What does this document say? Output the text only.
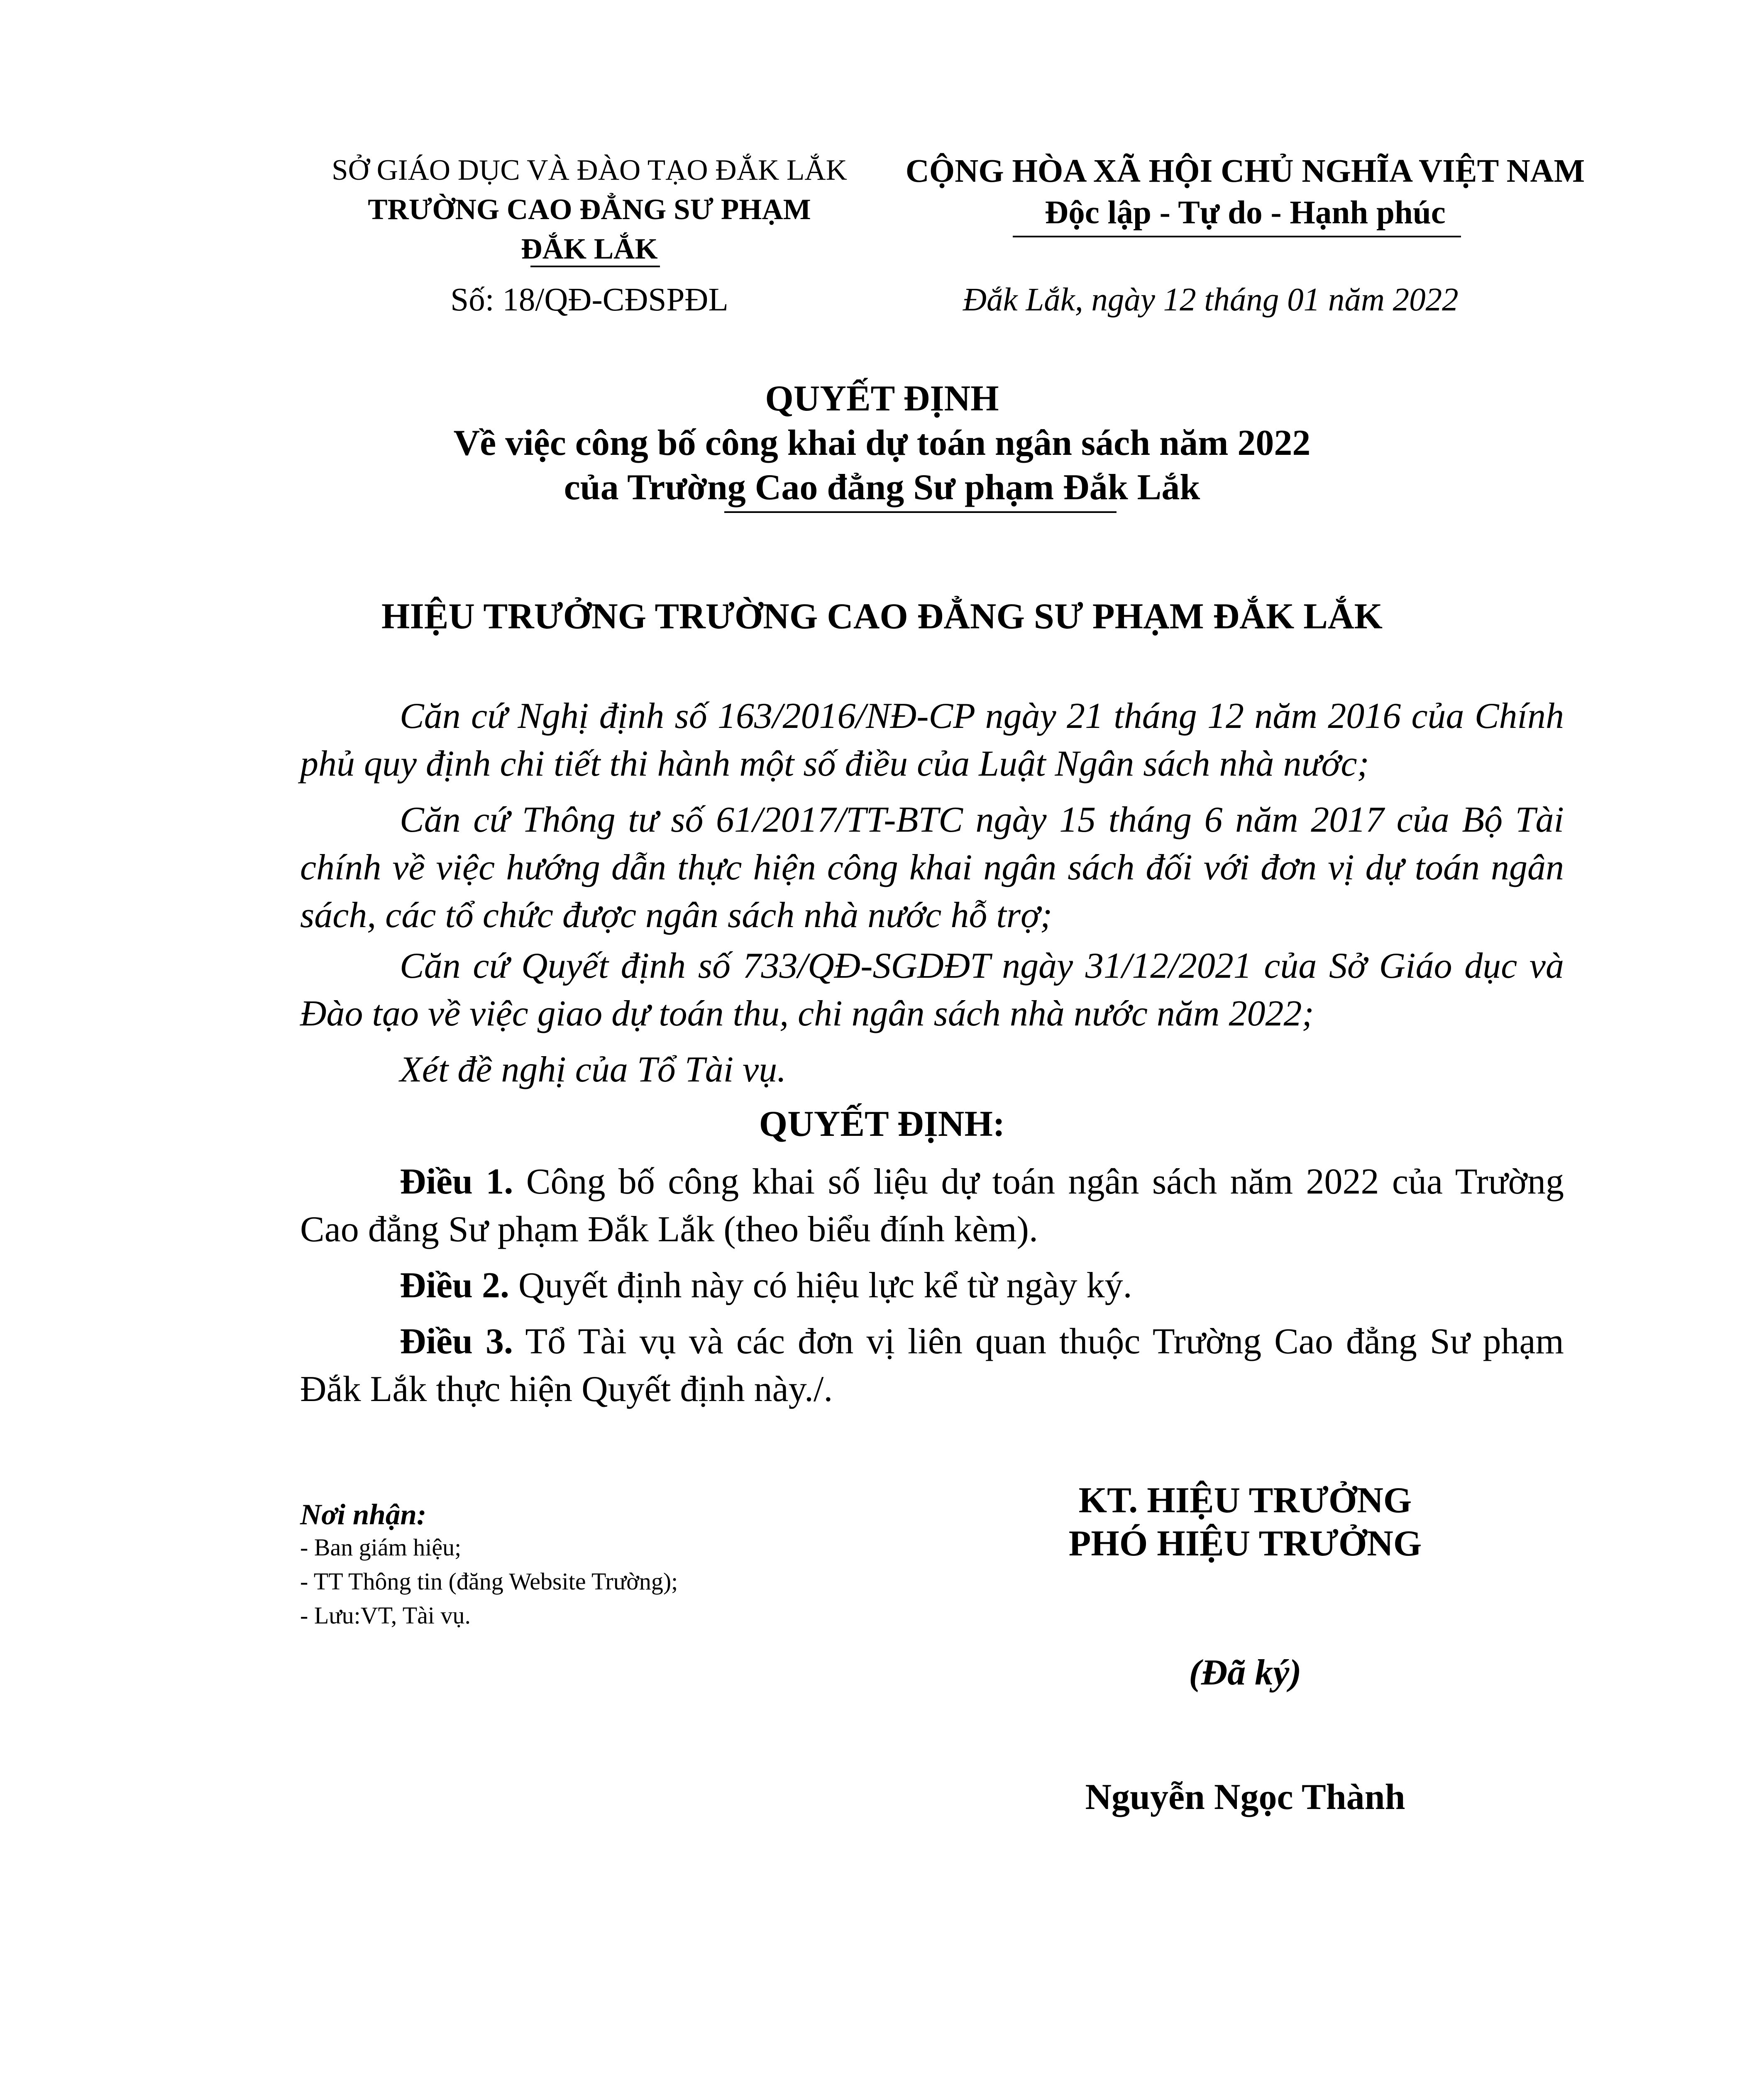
SỞ GIÁO DỤC VÀ ĐÀO TẠO ĐẮK LẮK
TRƯỜNG CAO ĐẲNG SƯ PHẠM
ĐẮK LẮK
CỘNG HÒA XÃ HỘI CHỦ NGHĨA VIỆT NAM
Độc lập - Tự do - Hạnh phúc
Số: 18/QĐ-CĐSPĐL	Đắk Lắk, ngày 12 tháng 01 năm 2022
QUYẾT ĐỊNH
Về việc công bố công khai dự toán ngân sách năm 2022
của Trường Cao đẳng Sư phạm Đắk Lắk
HIỆU TRƯỞNG TRƯỜNG CAO ĐẲNG SƯ PHẠM ĐẮK LẮK
Căn cứ Nghị định số 163/2016/NĐ-CP ngày 21 tháng 12 năm 2016 của Chính phủ quy định chi tiết thi hành một số điều của Luật Ngân sách nhà nước;
Căn cứ Thông tư số 61/2017/TT-BTC ngày 15 tháng 6 năm 2017 của Bộ Tài chính về việc hướng dẫn thực hiện công khai ngân sách đối với đơn vị dự toán ngân sách, các tổ chức được ngân sách nhà nước hỗ trợ;
Căn cứ Quyết định số 733/QĐ-SGDĐT ngày 31/12/2021 của Sở Giáo dục và Đào tạo về việc giao dự toán thu, chi ngân sách nhà nước năm 2022;
Xét đề nghị của Tổ Tài vụ.
QUYẾT ĐỊNH:
Điều 1. Công bố công khai số liệu dự toán ngân sách năm 2022 của Trường Cao đẳng Sư phạm Đắk Lắk (theo biểu đính kèm).
Điều 2. Quyết định này có hiệu lực kể từ ngày ký.
Điều 3. Tổ Tài vụ và các đơn vị liên quan thuộc Trường Cao đẳng Sư phạm Đắk Lắk thực hiện Quyết định này./.
Nơi nhận:
- Ban giám hiệu;
- TT Thông tin (đăng Website Trường);
- Lưu:VT, Tài vụ.
KT. HIỆU TRƯỞNG
PHÓ HIỆU TRƯỞNG
(Đã ký)
Nguyễn Ngọc Thành
